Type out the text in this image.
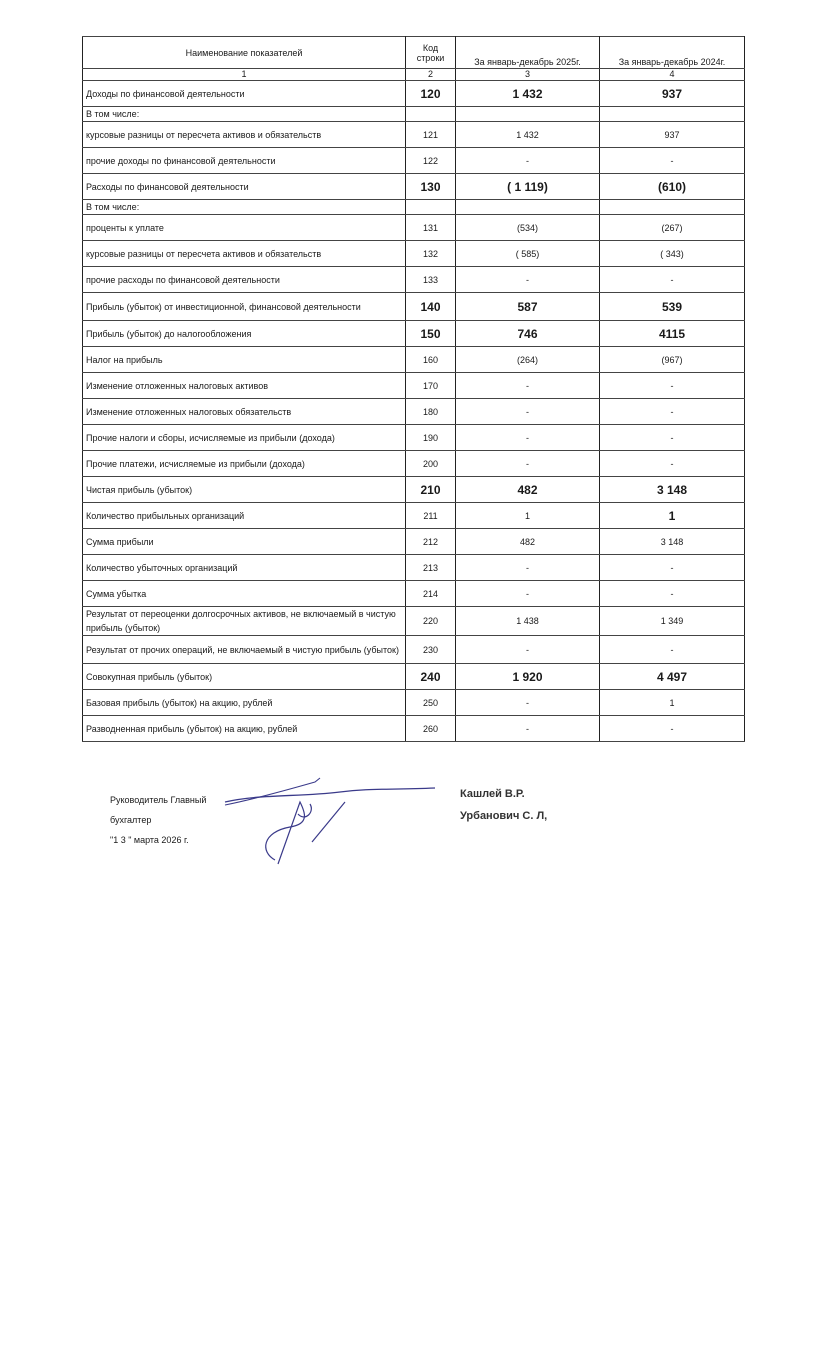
Наименование показателей	Код строки	За январь-декабрь 2025г.	За январь-декабрь 2024г.
1	2	3	4
Доходы по финансовой деятельности	120	1 432	937
В том числе:			
курсовые разницы от пересчета активов и обязательств	121	1 432	937
прочие доходы по финансовой деятельности	122	-	-
Расходы по финансовой деятельности	130	( 1 119)	(610)
В том числе:			
проценты к уплате	131	(534)	(267)
курсовые разницы от пересчета активов и обязательств	132	( 585)	( 343)
прочие расходы по финансовой деятельности	133	-	-
Прибыль (убыток) от инвестиционной, финансовой деятельности	140	587	539
Прибыль (убыток) до налогообложения	150	746	4115
Налог на прибыль	160	(264)	(967)
Изменение отложенных налоговых активов	170	-	-
Изменение отложенных налоговых обязательств	180	-	-
Прочие налоги и сборы, исчисляемые из прибыли (дохода)	190	-	-
Прочие платежи, исчисляемые из прибыли (дохода)	200	-	-
Чистая прибыль (убыток)	210	482	3 148
Количество прибыльных организаций	211	1	1
Сумма прибыли	212	482	3 148
Количество убыточных организаций	213	-	-
Сумма убытка	214	-	-
Результат от переоценки долгосрочных активов, не включаемый в чистую прибыль (убыток)	220	1 438	1 349
Результат от прочих операций, не включаемый в чистую прибыль (убыток)	230	-	-
Совокупная прибыль (убыток)	240	1 920	4 497
Базовая прибыль (убыток) на акцию, рублей	250	-	1
Разводненная прибыль (убыток) на акцию, рублей	260	-	-
Руководитель Главный
бухгалтер
"1 3 " марта 2026 г.
Кашлей В.Р.
Урбанович С. Л,
